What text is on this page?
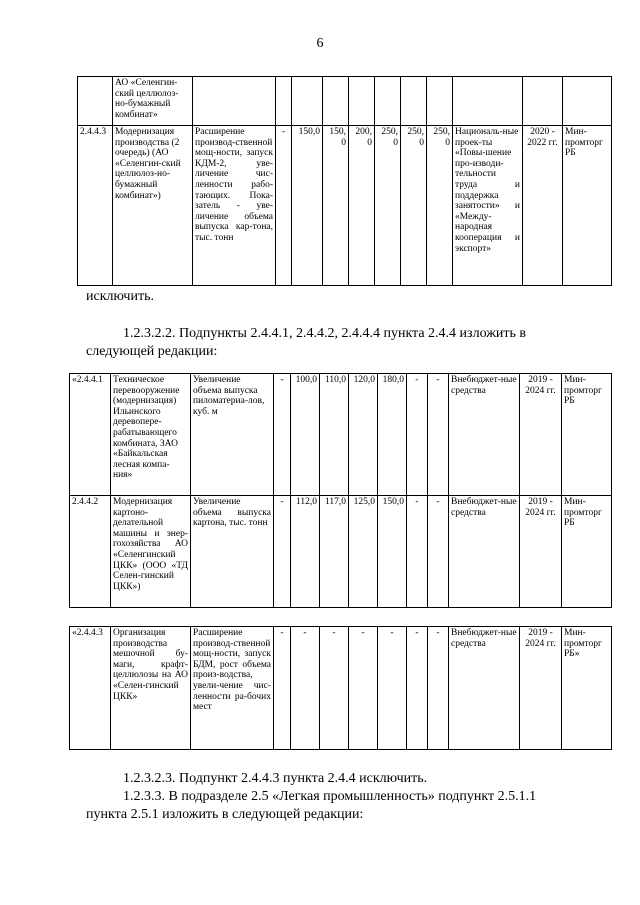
6
	АО «Селенгин-ский целлюлоз-но-бумажный комбинат»											
2.4.4.3	Модернизация производства (2 очередь) (АО «Селенгин-ский целлюлоз-но-бумажный комбинат»)	Расширение производ-ственной мощ-ности, запуск КДМ-2, уве-личение чис-ленности рабо-тающих. Пока-затель - уве-личение объема выпуска кар-тона, тыс. тонн	-	150,0	150,0	200,0	250,0	250,0	250,0	Националь-ные проек-ты «Повы-шение про-изводи-тельности труда и поддержка занятости» и «Между-народная кооперация и экспорт»	2020 - 2022 гг.	Мин-промторг РБ
исключить.
1.2.3.2.2. Подпункты 2.4.4.1, 2.4.4.2, 2.4.4.4 пункта 2.4.4 изложить в
следующей редакции:
«2.4.4.1	Техническое перевооружение (модернизация) Ильинского деревопере-рабатывающего комбината, ЗАО «Байкальская лесная компа-ния»	Увеличение объема выпуска пиломатериа-лов, куб. м	-	100,0	110,0	120,0	180,0	-	-	Внебюджет-ные средства	2019 - 2024 гг.	Мин-промторг РБ
2.4.4.2	Модернизация картоно-делательной машины и энер-гохозяйства АО «Селенгинский ЦКК» (ООО «ТД Селен-гинский ЦКК»)	Увеличение объема выпуска картона, тыс. тонн	-	112,0	117,0	125,0	150,0	-	-	Внебюджет-ные средства	2019 - 2024 гг.	Мин-промторг РБ
«2.4.4.3	Организация производства мешочной бу-маги, крафт-целлюлозы на АО «Селен-гинский ЦКК»	Расширение производ-ственной мощ-ности, запуск БДМ, рост объема произ-водства, увели-чение чис-ленности ра-бочих мест	-	-	-	-	-	-	-	Внебюджет-ные средства	2019 - 2024 гг.	Мин-промторг РБ»
1.2.3.2.3. Подпункт 2.4.4.3 пункта 2.4.4 исключить.
1.2.3.3. В подразделе 2.5 «Легкая промышленность» подпункт 2.5.1.1
пункта 2.5.1 изложить в следующей редакции:
